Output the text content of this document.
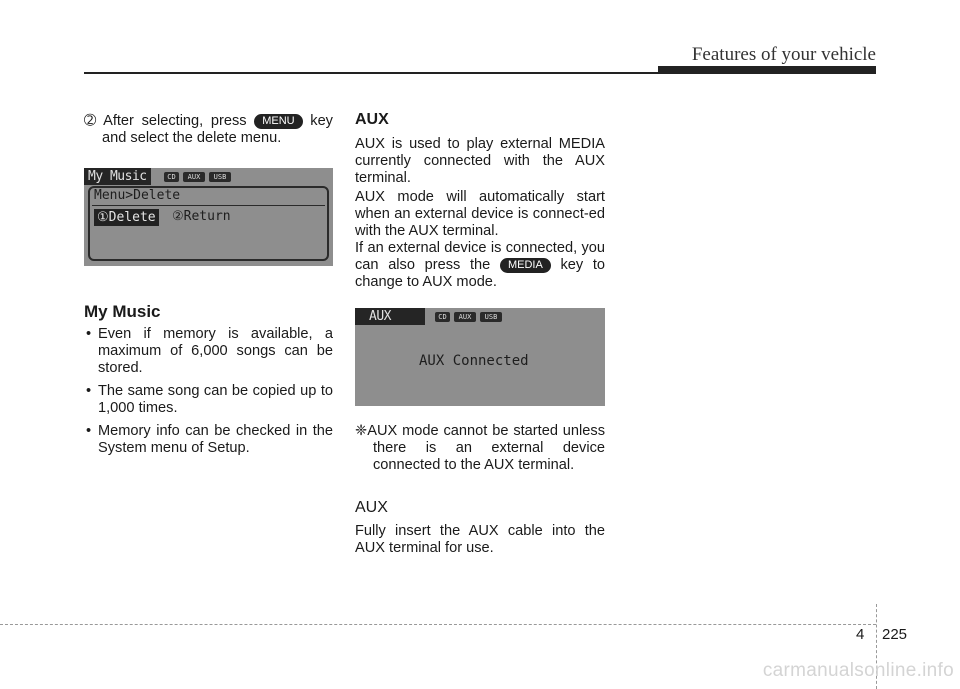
Features of your vehicle
➁ After selecting, press MENU key and select the delete menu.
My Music	CD	AUX	USB
Menu>Delete
①Delete ②Return
My Music
• Even if memory is available, a maximum of 6,000 songs can be stored.
• The same song can be copied up to 1,000 times.
• Memory info can be checked in the System menu of Setup.
AUX
AUX is used to play external MEDIA currently connected with the AUX terminal.
AUX mode will automatically start when an external device is connect-ed with the AUX terminal.
If an external device is connected, you can also press the MEDIA key to change to AUX mode.
AUX	CD	AUX	USB
AUX Connected
❈AUX mode cannot be started unless there is an external device connected to the AUX terminal.
AUX
Fully insert the AUX cable into the AUX terminal for use.
4 225
carmanualsonline.info
